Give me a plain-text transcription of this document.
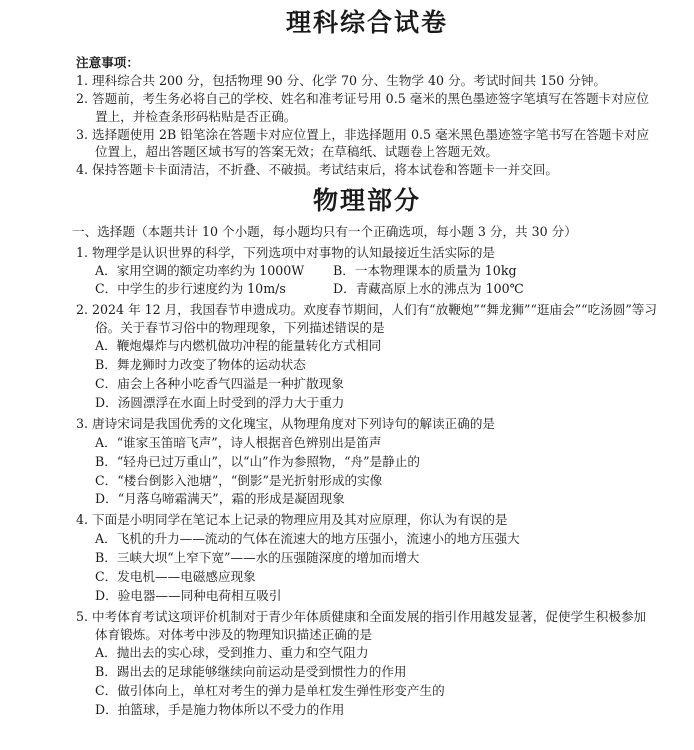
理科综合试卷
注意事项：
1. 理科综合共 200 分，包括物理 90 分、化学 70 分、生物学 40 分。考试时间共 150 分钟。
2. 答题前，考生务必将自己的学校、姓名和准考证号用 0.5 毫米的黑色墨迹签字笔填写在答题卡对应位置上，并检查条形码粘贴是否正确。
3. 选择题使用 2B 铅笔涂在答题卡对应位置上，非选择题用 0.5 毫米黑色墨迹签字笔书写在答题卡对应位置上，超出答题区域书写的答案无效；在草稿纸、试题卷上答题无效。
4. 保持答题卡卡面清洁，不折叠、不破损。考试结束后，将本试卷和答题卡一并交回。
物理部分
一、选择题（本题共计 10 个小题，每小题均只有一个正确选项，每小题 3 分，共 30 分）
1. 物理学是认识世界的科学，下列选项中对事物的认知最接近生活实际的是
A．家用空调的额定功率约为 1000W	B．一本物理课本的质量为 10kg
C．中学生的步行速度约为 10m/s	D．青藏高原上水的沸点为 100℃
2. 2024 年 12 月，我国春节申遗成功。欢度春节期间，人们有“放鞭炮”“舞龙狮”“逛庙会”“吃汤圆”等习俗。关于春节习俗中的物理现象，下列描述错误的是
A．鞭炮爆炸与内燃机做功冲程的能量转化方式相同
B．舞龙狮时力改变了物体的运动状态
C．庙会上各种小吃香气四溢是一种扩散现象
D．汤圆漂浮在水面上时受到的浮力大于重力
3. 唐诗宋词是我国优秀的文化瑰宝，从物理角度对下列诗句的解读正确的是
A．“谁家玉笛暗飞声”，诗人根据音色辨别出是笛声
B．“轻舟已过万重山”，以“山”作为参照物，“舟”是静止的
C．“楼台倒影入池塘”，“倒影”是光折射形成的实像
D．“月落乌啼霜满天”，霜的形成是凝固现象
4. 下面是小明同学在笔记本上记录的物理应用及其对应原理，你认为有误的是
A．飞机的升力——流动的气体在流速大的地方压强小，流速小的地方压强大
B．三峡大坝“上窄下宽”——水的压强随深度的增加而增大
C．发电机——电磁感应现象
D．验电器——同种电荷相互吸引
5. 中考体育考试这项评价机制对于青少年体质健康和全面发展的指引作用越发显著，促使学生积极参加体育锻炼。对体考中涉及的物理知识描述正确的是
A．抛出去的实心球，受到推力、重力和空气阻力
B．踢出去的足球能够继续向前运动是受到惯性力的作用
C．做引体向上，单杠对考生的弹力是单杠发生弹性形变产生的
D．拍篮球，手是施力物体所以不受力的作用
